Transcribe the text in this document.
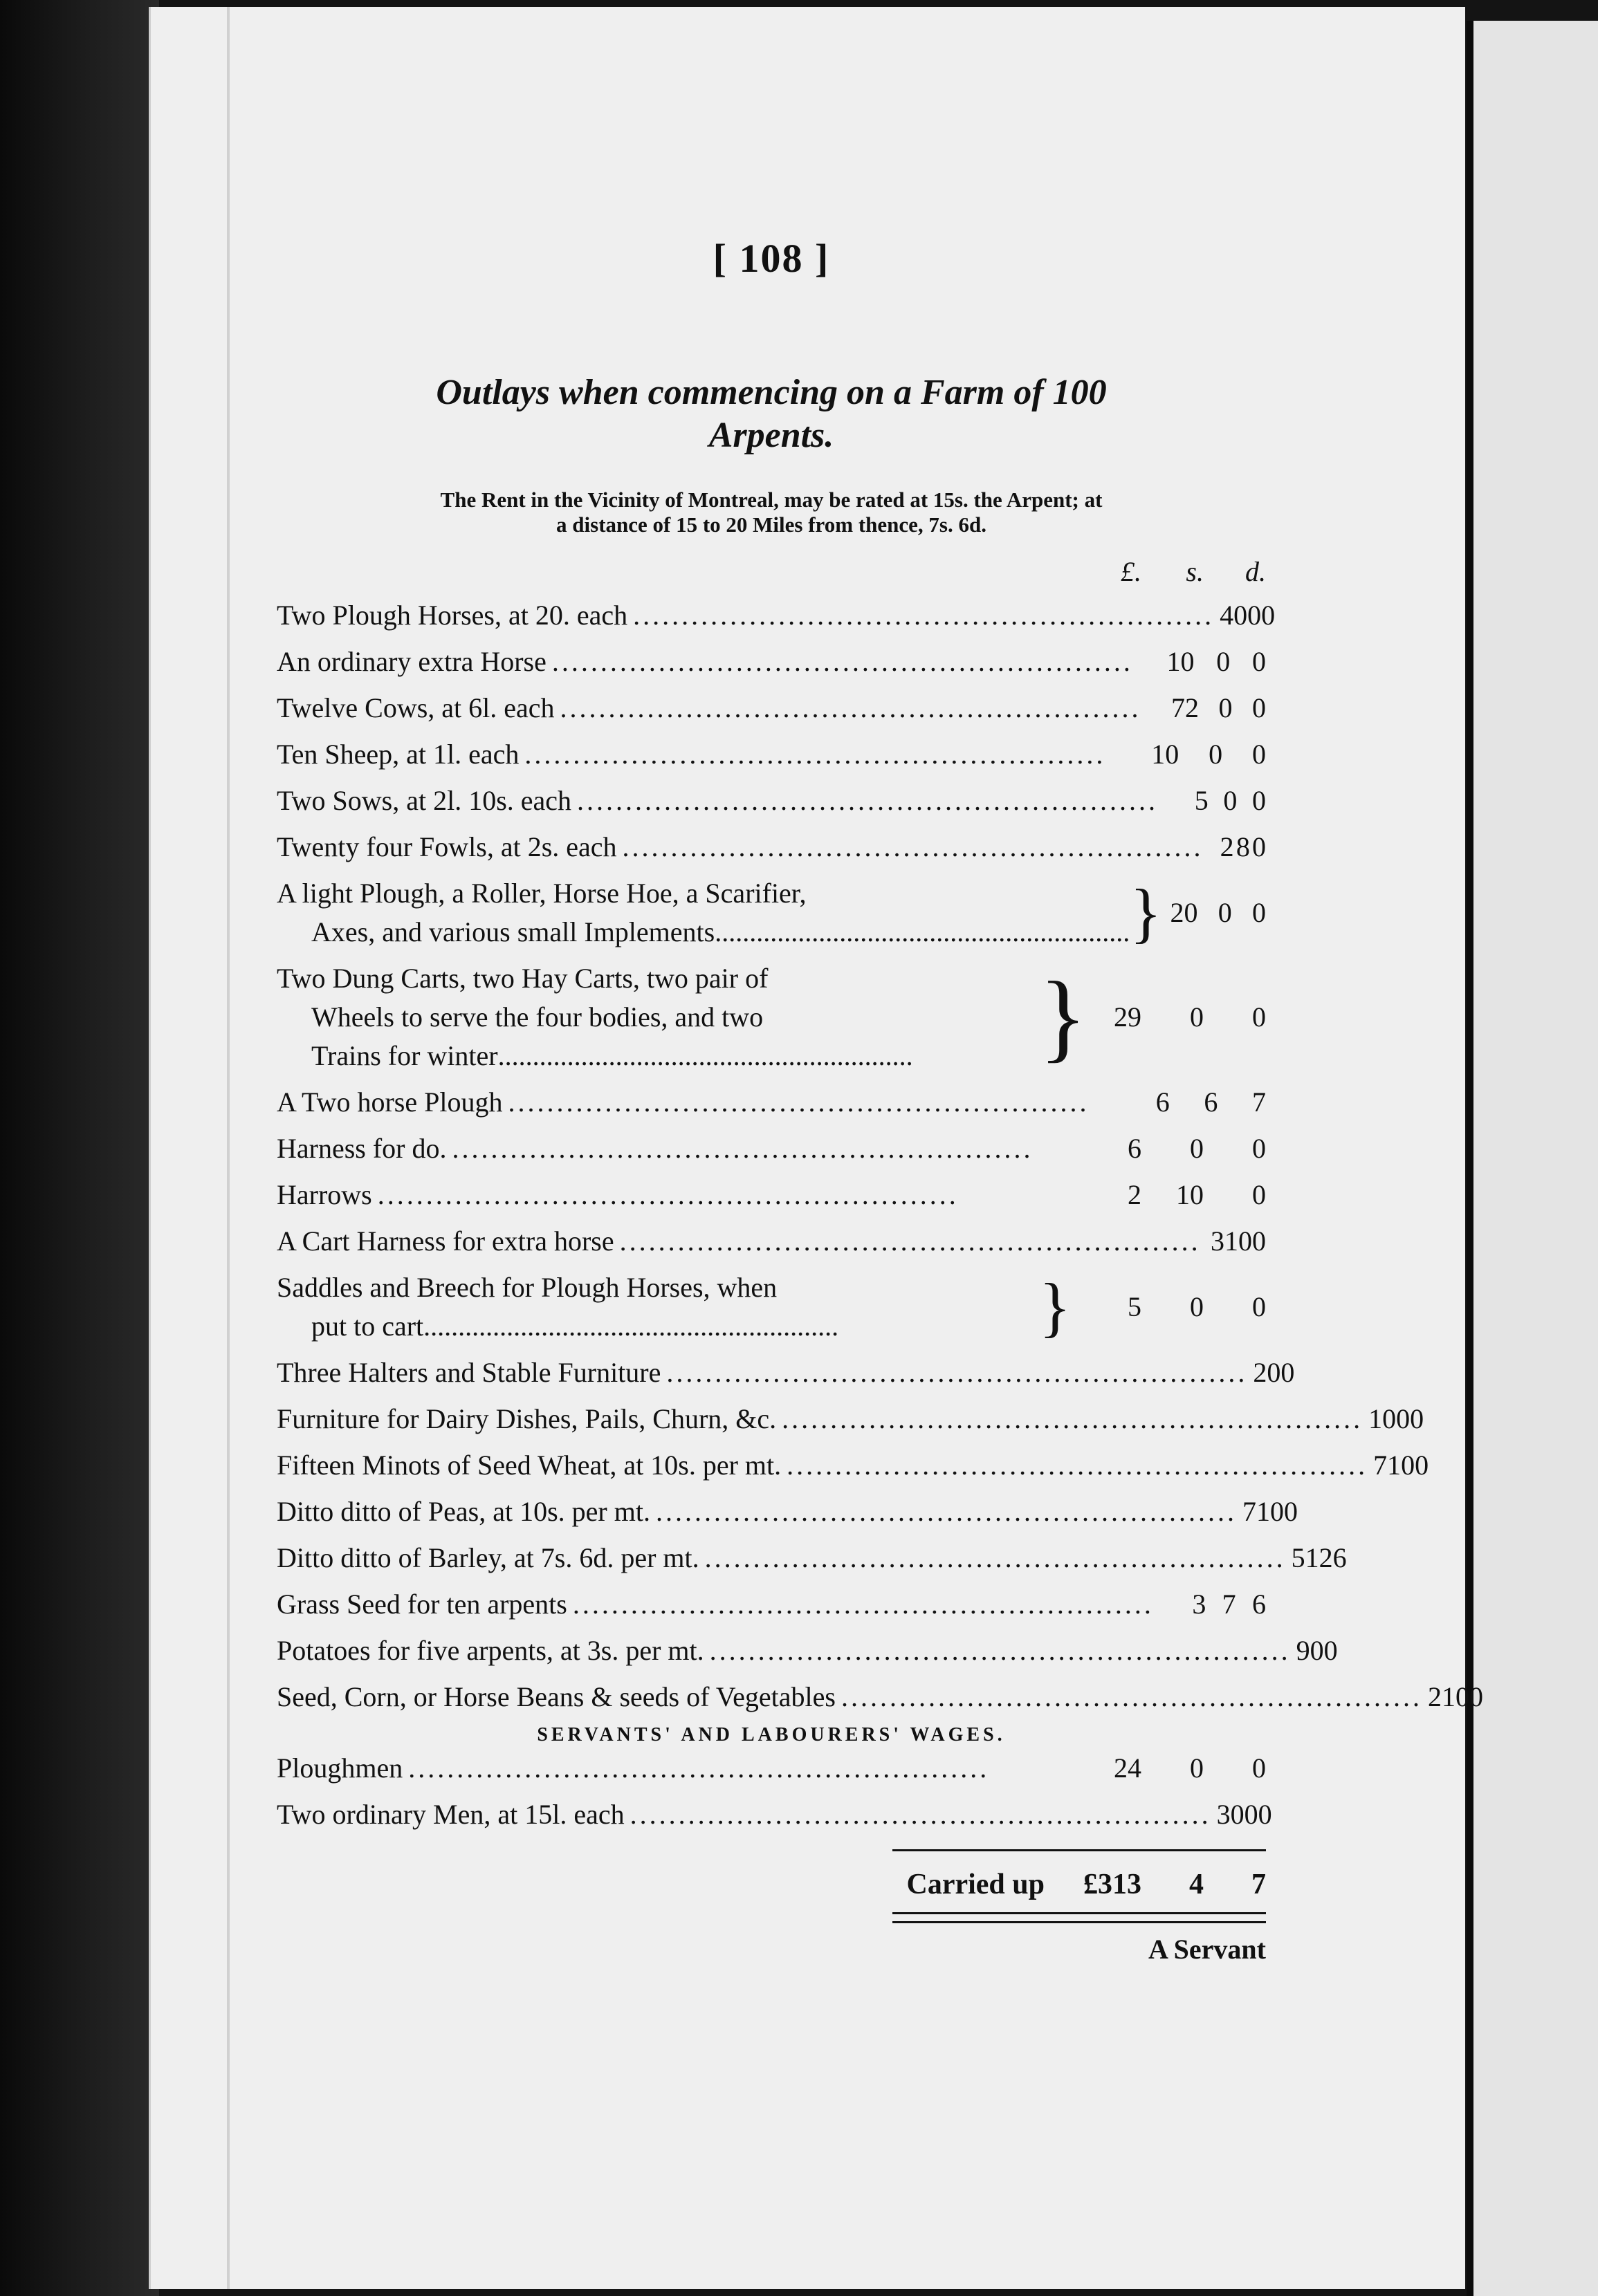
[ 108 ]
Outlays when commencing on a Farm of 100
Arpents.
The Rent in the Vicinity of Montreal, may be rated at 15s. the Arpent; at
a distance of 15 to 20 Miles from thence, 7s. 6d.
£.	s.	d.
Two Plough Horses, at 20. each ............................................................ 40 0 0
An ordinary extra Horse ............................................................	10 0 0
Twelve Cows, at 6l. each ............................................................	72 0 0
Ten Sheep, at 1l. each ............................................................	10	0	0
Two Sows, at 2l. 10s. each ............................................................	5 0 0
Twenty four Fowls, at 2s. each ............................................................ 2 8 0
A light Plough, a Roller, Horse Hoe, a Scarifier,
Axes, and various small Implements ............................................................ } 20 0 0
Two Dung Carts, two Hay Carts, two pair of
Wheels to serve the four bodies, and two
Trains for winter ............................................................	} 29	0	0
A Two horse Plough ............................................................	6	6	7
Harness for do. ............................................................	6	0	0
Harrows ............................................................	2	10	0
A Cart Harness for extra horse ............................................................ 3 10 0
Saddles and Breech for Plough Horses, when
put to cart ............................................................	}	5	0	0
Three Halters and Stable Furniture ............................................................ 2 0 0
Furniture for Dairy Dishes, Pails, Churn, &c. ............................................................ 10 0 0
Fifteen Minots of Seed Wheat, at 10s. per mt. ............................................................ 7 10 0
Ditto ditto of Peas, at 10s. per mt. ............................................................ 7 10 0
Ditto ditto of Barley, at 7s. 6d. per mt. ............................................................ 5 12 6
Grass Seed for ten arpents ............................................................	3 7 6
Potatoes for five arpents, at 3s. per mt. ............................................................ 9 0 0
Seed, Corn, or Horse Beans & seeds of Vegetables ............................................................ 2 10 0
SERVANTS' AND LABOURERS' WAGES.
Ploughmen ............................................................	24	0	0
Two ordinary Men, at 15l. each ............................................................ 30 0 0
Carried up	£313	4	7
A Servant
